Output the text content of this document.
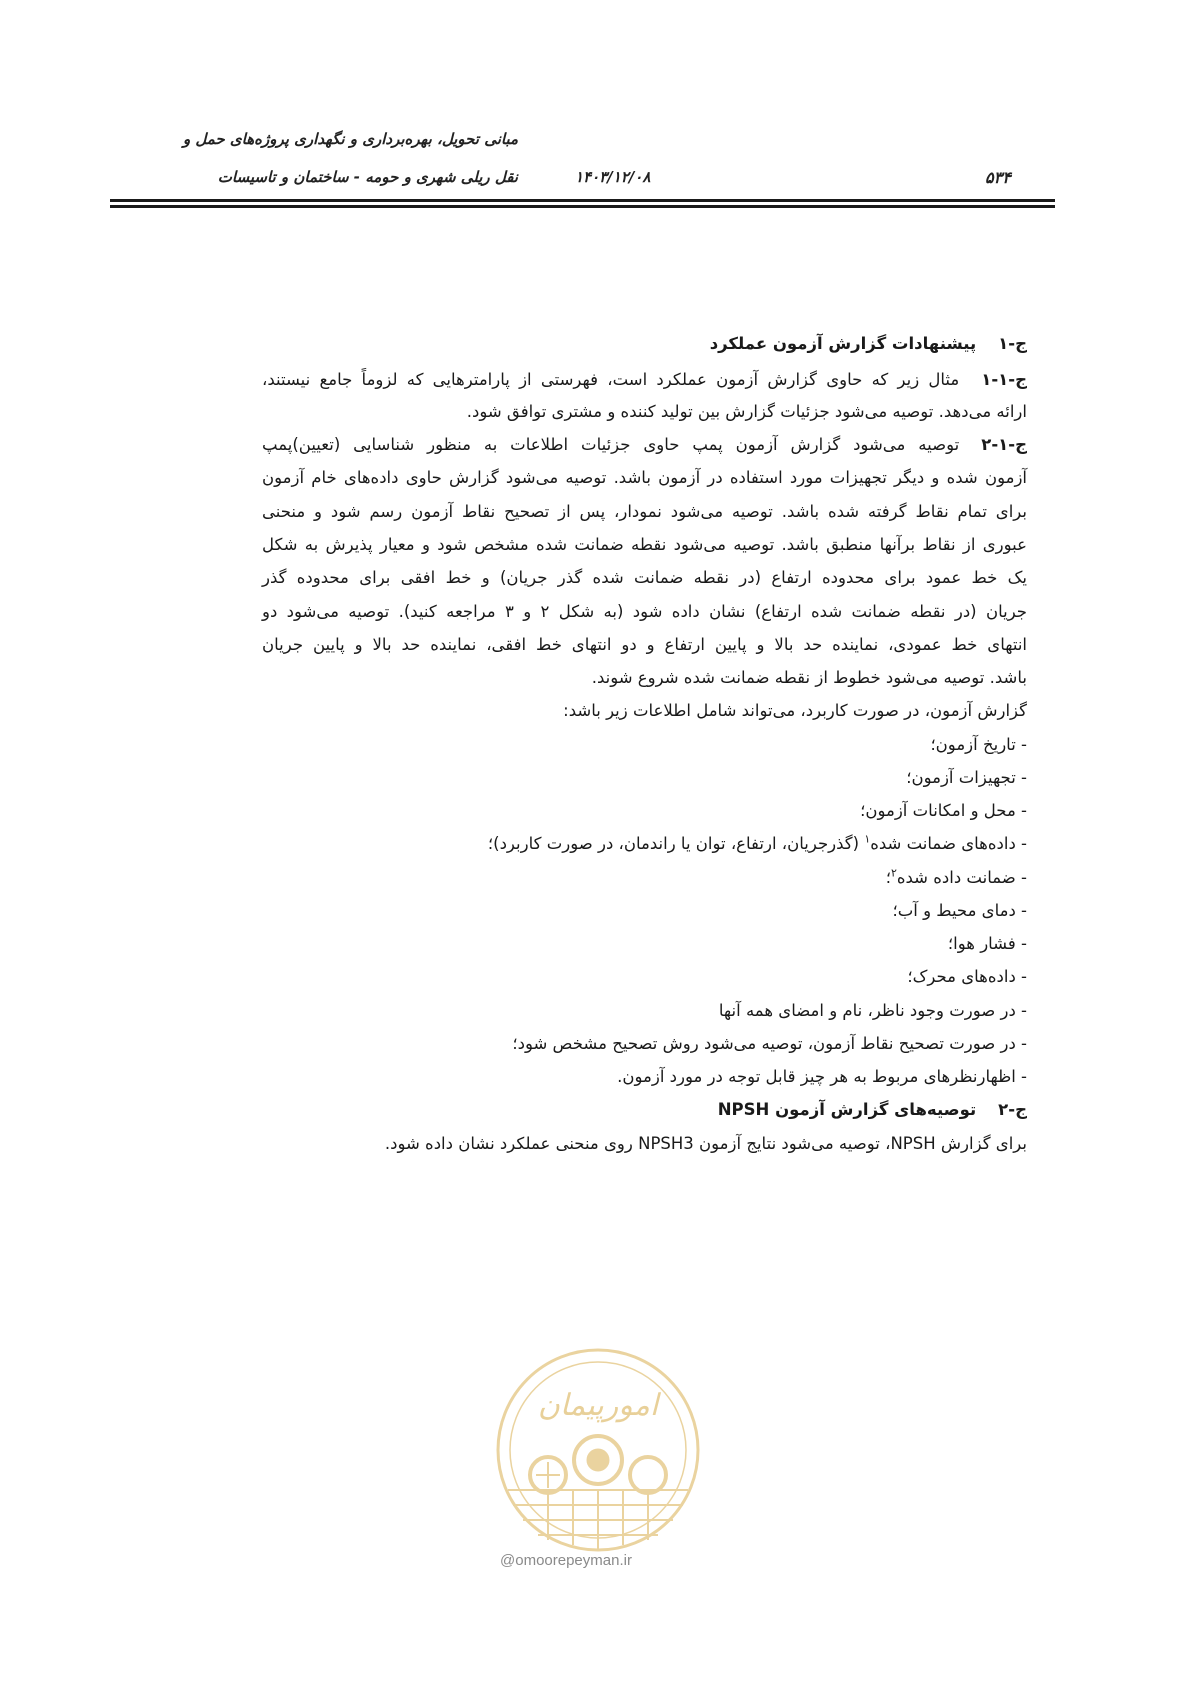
مبانی تحویل، بهره‌برداری و نگهداری پروژه‌های حمل و
نقل ریلی شهری و حومه - ساختمان و تاسیسات	۱۴۰۳/۱۲/۰۸	۵۳۴
ج-۱پیشنهادات گزارش آزمون عملکرد
ج-۱-۱مثال زیر که حاوی گزارش آزمون عملکرد است، فهرستی از پارامترهایی که لزوماً جامع نیستند،
ارائه می‌دهد. توصیه می‌شود جزئیات گزارش بین تولید کننده و مشتری توافق شود.
ج-۱-۲توصیه می‌شود گزارش آزمون پمپ حاوی جزئیات اطلاعات به منظور شناسایی (تعیین)پمپ
آزمون شده و دیگر تجهیزات مورد استفاده در آزمون باشد. توصیه می‌شود گزارش حاوی داده‌های خام آزمون
برای تمام نقاط گرفته شده باشد. توصیه می‌شود نمودار، پس از تصحیح نقاط آزمون رسم شود و منحنی
عبوری از نقاط برآنها منطبق باشد. توصیه می‌شود نقطه ضمانت شده مشخص شود و معیار پذیرش به شکل
یک خط عمود برای محدوده ارتفاع (در نقطه ضمانت شده گذر جریان) و خط افقی برای محدوده گذر
جریان (در نقطه ضمانت شده ارتفاع) نشان داده شود (به شکل ۲ و ۳ مراجعه کنید). توصیه می‌شود دو
انتهای خط عمودی، نماینده حد بالا و پایین ارتفاع و دو انتهای خط افقی، نماینده حد بالا و پایین جریان
باشد. توصیه می‌شود خطوط از نقطه ضمانت شده شروع شوند.
گزارش آزمون، در صورت کاربرد، می‌تواند شامل اطلاعات زیر باشد:
- تاریخ آزمون؛
- تجهیزات آزمون؛
- محل و امکانات آزمون؛
- داده‌های ضمانت شده$^۱$ (گذرجریان، ارتفاع، توان یا راندمان، در صورت کاربرد)؛
- ضمانت داده شده$^۲$؛
- دمای محیط و آب؛
- فشار هوا؛
- داده‌های محرک؛
- در صورت وجود ناظر، نام و امضای همه آنها
- در صورت تصحیح نقاط آزمون، توصیه می‌شود روش تصحیح مشخص شود؛
- اظهارنظرهای مربوط به هر چیز قابل توجه در مورد آزمون.
ج-۲توصیه‌های گزارش آزمون NPSH
برای گزارش NPSH، توصیه می‌شود نتایج آزمون NPSH3 روی منحنی عملکرد نشان داده شود.
امورپیمان
@omoorepeyman.ir
